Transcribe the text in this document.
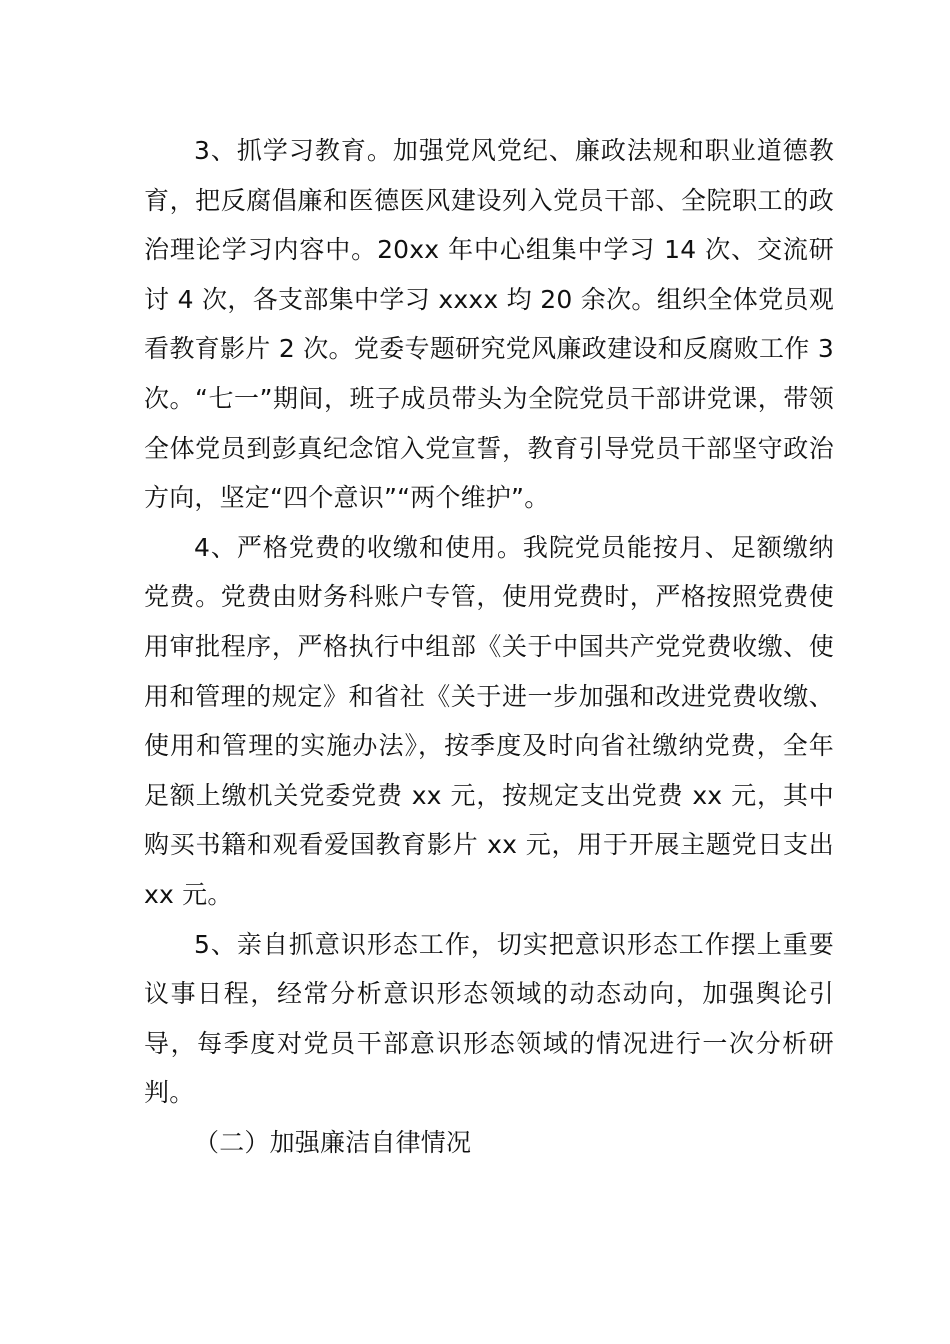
3、抓学习教育。加强党风党纪、廉政法规和职业道德教育，把反腐倡廉和医德医风建设列入党员干部、全院职工的政治理论学习内容中。20xx 年中心组集中学习 14 次、交流研讨 4 次，各支部集中学习 xxxx 均 20 余次。组织全体党员观看教育影片 2 次。党委专题研究党风廉政建设和反腐败工作 3 次。“七一”期间，班子成员带头为全院党员干部讲党课，带领全体党员到彭真纪念馆入党宣誓，教育引导党员干部坚守政治方向，坚定“四个意识”“两个维护”。

4、严格党费的收缴和使用。我院党员能按月、足额缴纳党费。党费由财务科账户专管，使用党费时，严格按照党费使用审批程序，严格执行中组部《关于中国共产党党费收缴、使用和管理的规定》和省社《关于进一步加强和改进党费收缴、使用和管理的实施办法》，按季度及时向省社缴纳党费，全年足额上缴机关党委党费 xx 元，按规定支出党费 xx 元，其中购买书籍和观看爱国教育影片 xx 元，用于开展主题党日支出 xx 元。

5、亲自抓意识形态工作，切实把意识形态工作摆上重要议事日程，经常分析意识形态领域的动态动向，加强舆论引导，每季度对党员干部意识形态领域的情况进行一次分析研判。

（二）加强廉洁自律情况
